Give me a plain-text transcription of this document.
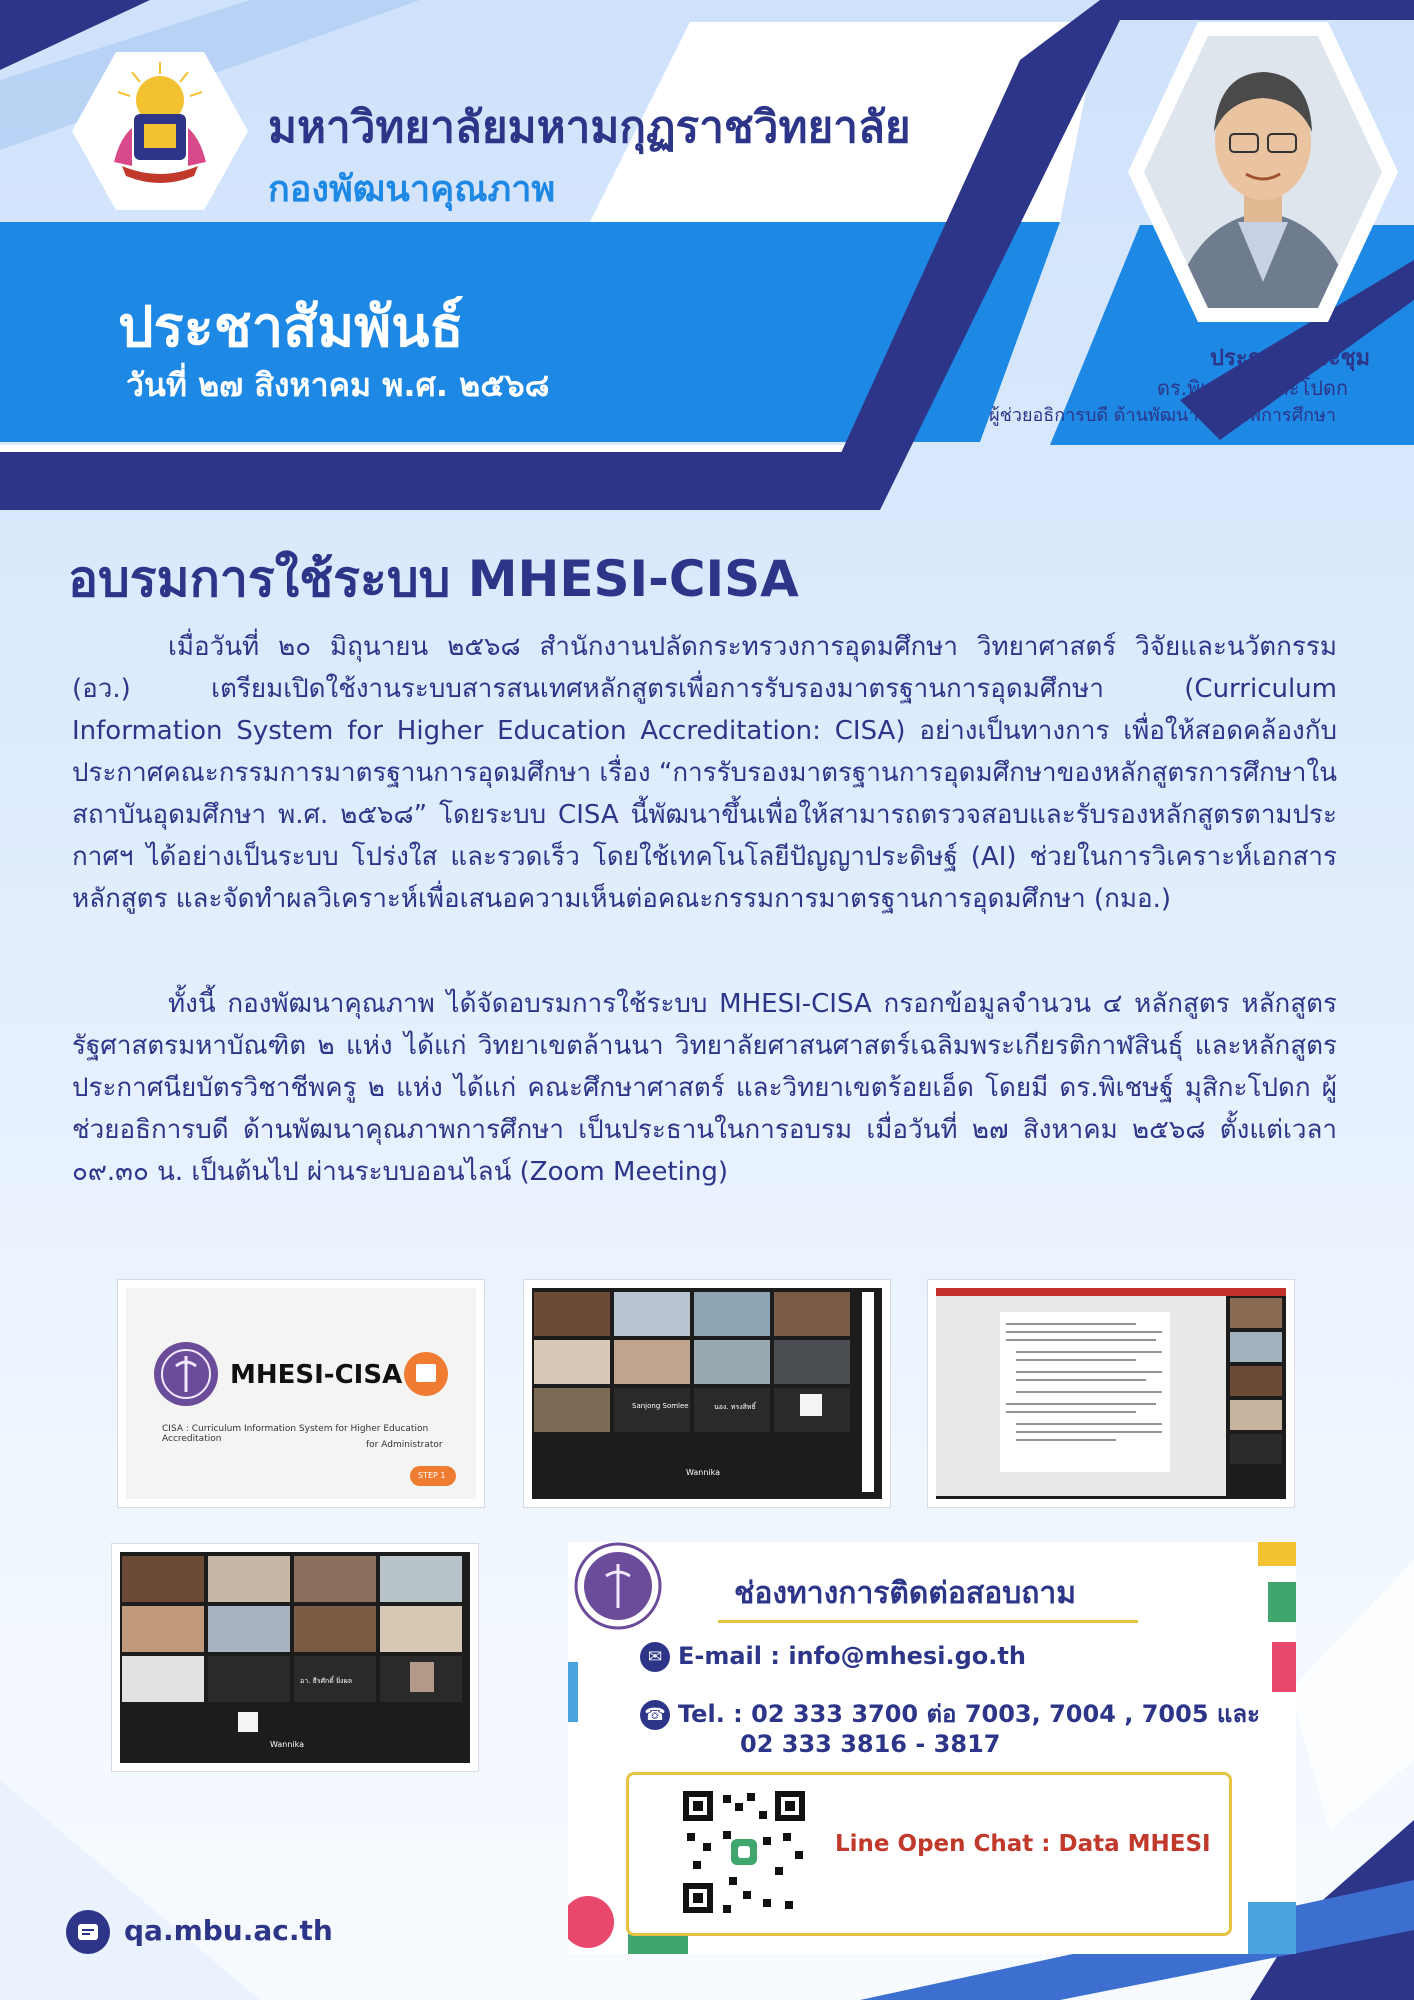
มหาวิทยาลัยมหามกุฏราชวิทยาลัย
กองพัฒนาคุณภาพ
ประชาสัมพันธ์
วันที่ ๒๗ สิงหาคม พ.ศ. ๒๕๖๘
ประธานที่ประชุม
ดร.พิเชษฐ์ มุสิกะโปดก
ผู้ช่วยอธิการบดี ด้านพัฒนาคุณภาพการศึกษา
อบรมการใช้ระบบ MHESI-CISA

เมื่อวันที่ ๒๐ มิถุนายน ๒๕๖๘ สำนักงานปลัดกระทรวงการอุดมศึกษา วิทยาศาสตร์ วิจัยและนวัตกรรม (อว.) เตรียมเปิดใช้งานระบบสารสนเทศหลักสูตรเพื่อการรับรองมาตรฐานการอุดมศึกษา (Curriculum Information System for Higher Education Accreditation: CISA) อย่างเป็นทางการ เพื่อให้สอดคล้องกับประกาศคณะกรรมการมาตรฐานการอุดมศึกษา เรื่อง “การรับรองมาตรฐานการอุดมศึกษาของหลักสูตรการศึกษาในสถาบันอุดมศึกษา พ.ศ. ๒๕๖๘” โดยระบบ CISA นี้พัฒนาขึ้นเพื่อให้สามารถตรวจสอบและรับรองหลักสูตรตามประกาศฯ ได้อย่างเป็นระบบ โปร่งใส และรวดเร็ว โดยใช้เทคโนโลยีปัญญาประดิษฐ์ (AI) ช่วยในการวิเคราะห์เอกสารหลักสูตร และจัดทำผลวิเคราะห์เพื่อเสนอความเห็นต่อคณะกรรมการมาตรฐานการอุดมศึกษา (กมอ.)

ทั้งนี้ กองพัฒนาคุณภาพ ได้จัดอบรมการใช้ระบบ MHESI-CISA กรอกข้อมูลจำนวน ๔ หลักสูตร หลักสูตรรัฐศาสตรมหาบัณฑิต ๒ แห่ง ได้แก่ วิทยาเขตล้านนา วิทยาลัยศาสนศาสตร์เฉลิมพระเกียรติกาฬสินธุ์ และหลักสูตรประกาศนียบัตรวิชาชีพครู ๒ แห่ง ได้แก่ คณะศึกษาศาสตร์ และวิทยาเขตร้อยเอ็ด โดยมี ดร.พิเชษฐ์ มุสิกะโปดก ผู้ช่วยอธิการบดี ด้านพัฒนาคุณภาพการศึกษา เป็นประธานในการอบรม เมื่อวันที่ ๒๗ สิงหาคม ๒๕๖๘ ตั้งแต่เวลา ๐๙.๓๐ น. เป็นต้นไป ผ่านระบบออนไลน์ (Zoom Meeting)

MHESI-CISA
CISA : Curriculum Information System for Higher Education Accreditation
for Administrator
STEP 1
Sanjong Somlee	นอง. ทรงสิทธิ์
Wannika
อา. ธีรศักดิ์ ยิ่งผล
Wannika
ช่องทางการติดต่อสอบถาม
✉ E-mail : info@mhesi.go.th
☎ Tel. : 02 333 3700 ต่อ 7003, 7004 , 7005 และ
02 333 3816 - 3817
Line Open Chat : Data MHESI
qa.mbu.ac.th
